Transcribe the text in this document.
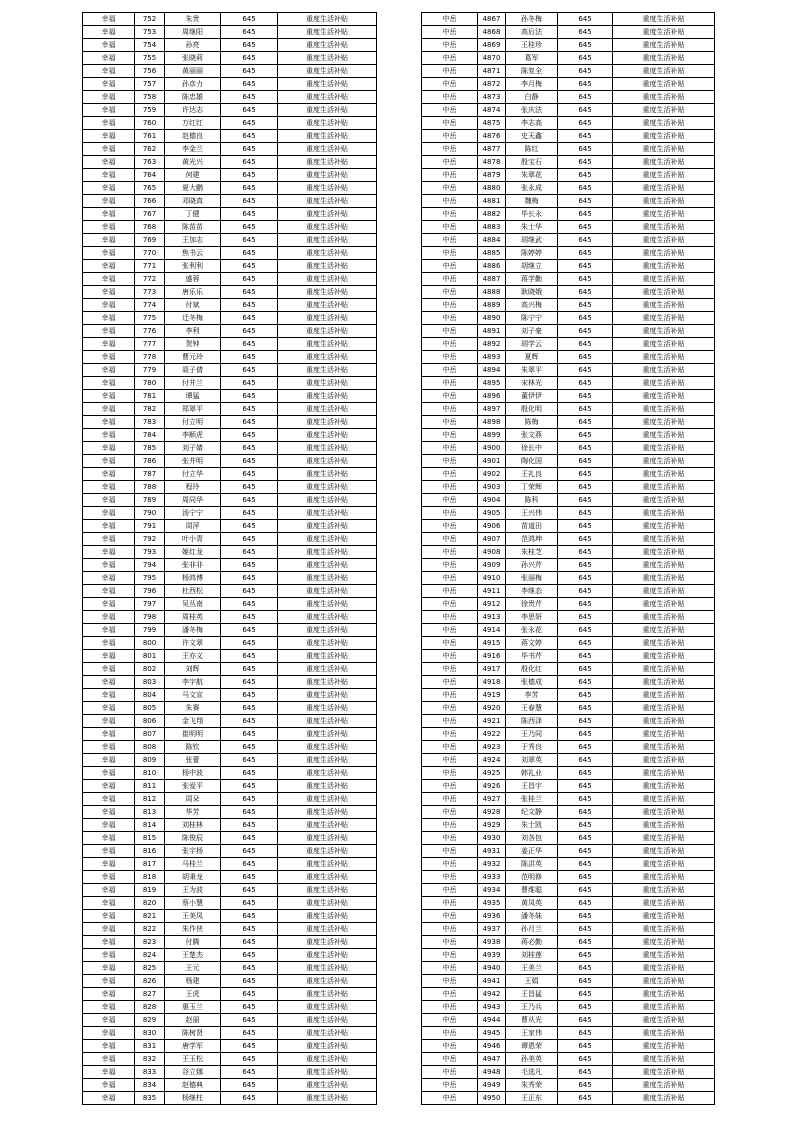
幸福	752	朱贵	645	重度生活补贴
幸福	753	周继阳	645	重度生活补贴
幸福	754	孙亮	645	重度生活补贴
幸福	755	张晓莉	645	重度生活补贴
幸福	756	黄丽丽	645	重度生活补贴
幸福	757	孙彦力	645	重度生活补贴
幸福	758	陈忠雄	645	重度生活补贴
幸福	759	许达志	645	重度生活补贴
幸福	760	万红红	645	重度生活补贴
幸福	761	赵德良	645	重度生活补贴
幸福	762	李金兰	645	重度生活补贴
幸福	763	黄光兴	645	重度生活补贴
幸福	764	何建	645	重度生活补贴
幸福	765	夏大鹏	645	重度生活补贴
幸福	766	邓晓真	645	重度生活补贴
幸福	767	丁健	645	重度生活补贴
幸福	768	陈苗苗	645	重度生活补贴
幸福	769	王加志	645	重度生活补贴
幸福	770	焦书云	645	重度生活补贴
幸福	771	张利利	645	重度生活补贴
幸福	772	盛蓉	645	重度生活补贴
幸福	773	唐乐乐	645	重度生活补贴
幸福	774	付斌	645	重度生活补贴
幸福	775	迁冬梅	645	重度生活补贴
幸福	776	李利	645	重度生活补贴
幸福	777	贺钟	645	重度生活补贴
幸福	778	曹元玲	645	重度生活补贴
幸福	779	聂子倩	645	重度生活补贴
幸福	780	付井兰	645	重度生活补贴
幸福	781	谭猛	645	重度生活补贴
幸福	782	郑翠平	645	重度生活补贴
幸福	783	付立明	645	重度生活补贴
幸福	784	李顺虎	645	重度生活补贴
幸福	785	刘子婧	645	重度生活补贴
幸福	786	张井明	645	重度生活补贴
幸福	787	付立华	645	重度生活补贴
幸福	788	程玲	645	重度生活补贴
幸福	789	周同华	645	重度生活补贴
幸福	790	汤宁宁	645	重度生活补贴
幸福	791	周萍	645	重度生活补贴
幸福	792	叶小青	645	重度生活补贴
幸福	793	姬红龙	645	重度生活补贴
幸福	794	张非非	645	重度生活补贴
幸福	795	杨鸿博	645	重度生活补贴
幸福	796	杜西松	645	重度生活补贴
幸福	797	吴丛南	645	重度生活补贴
幸福	798	周桂英	645	重度生活补贴
幸福	799	潘冬梅	645	重度生活补贴
幸福	800	许文翠	645	重度生活补贴
幸福	801	王亦义	645	重度生活补贴
幸福	802	刘辉	645	重度生活补贴
幸福	803	李宇航	645	重度生活补贴
幸福	804	马文宣	645	重度生活补贴
幸福	805	朱赛	645	重度生活补贴
幸福	806	金飞翔	645	重度生活补贴
幸福	807	崔明明	645	重度生活补贴
幸福	808	陈钦	645	重度生活补贴
幸福	809	张蕾	645	重度生活补贴
幸福	810	杨中波	645	重度生活补贴
幸福	811	张爱平	645	重度生活补贴
幸福	812	周朵	645	重度生活补贴
幸福	813	华芳	645	重度生活补贴
幸福	814	刘桂林	645	重度生活补贴
幸福	815	陈俊辰	645	重度生活补贴
幸福	816	张宇杨	645	重度生活补贴
幸福	817	马桂兰	645	重度生活补贴
幸福	818	胡秉龙	645	重度生活补贴
幸福	819	王为波	645	重度生活补贴
幸福	820	蔡小慧	645	重度生活补贴
幸福	821	王美凤	645	重度生活补贴
幸福	822	朱作侠	645	重度生活补贴
幸福	823	付腾	645	重度生活补贴
幸福	824	王楚杰	645	重度生活补贴
幸福	825	王元	645	重度生活补贴
幸福	826	杨建	645	重度生活补贴
幸福	827	王虎	645	重度生活补贴
幸福	828	惠玉兰	645	重度生活补贴
幸福	829	赵丽	645	重度生活补贴
幸福	830	陈树贤	645	重度生活补贴
幸福	831	唐学军	645	重度生活补贴
幸福	832	王玉松	645	重度生活补贴
幸福	833	谷立娜	645	重度生活补贴
幸福	834	赵德典	645	重度生活补贴
幸福	835	杨继柱	645	重度生活补贴
中岳	4867	孙冬梅	645	重度生活补贴
中岳	4868	高后法	645	重度生活补贴
中岳	4869	王桂珍	645	重度生活补贴
中岳	4870	葛军	645	重度生活补贴
中岳	4871	陈复全	645	重度生活补贴
中岳	4872	李月梅	645	重度生活补贴
中岳	4873	白静	645	重度生活补贴
中岳	4874	张庆法	645	重度生活补贴
中岳	4875	李志高	645	重度生活补贴
中岳	4876	史天鑫	645	重度生活补贴
中岳	4877	陈红	645	重度生活补贴
中岳	4878	殷宝石	645	重度生活补贴
中岳	4879	朱翠花	645	重度生活补贴
中岳	4880	张永成	645	重度生活补贴
中岳	4881	魏梅	645	重度生活补贴
中岳	4882	毕长永	645	重度生活补贴
中岳	4883	朱士华	645	重度生活补贴
中岳	4884	胡继武	645	重度生活补贴
中岳	4885	陈婷婷	645	重度生活补贴
中岳	4886	胡继立	645	重度生活补贴
中岳	4887	蒋学勤	645	重度生活补贴
中岳	4888	耿晓娥	645	重度生活补贴
中岳	4889	高兴梅	645	重度生活补贴
中岳	4890	陈宁宁	645	重度生活补贴
中岳	4891	刘子豪	645	重度生活补贴
中岳	4892	胡学云	645	重度生活补贴
中岳	4893	夏辉	645	重度生活补贴
中岳	4894	朱翠平	645	重度生活补贴
中岳	4895	宋林光	645	重度生活补贴
中岳	4896	董伊伊	645	重度生活补贴
中岳	4897	殷化明	645	重度生活补贴
中岳	4898	陈梅	645	重度生活补贴
中岳	4899	张文燕	645	重度生活补贴
中岳	4900	徐长中	645	重度生活补贴
中岳	4901	陶化国	645	重度生活补贴
中岳	4902	王礼良	645	重度生活补贴
中岳	4903	丁荣辉	645	重度生活补贴
中岳	4904	陈科	645	重度生活补贴
中岳	4905	王兴伟	645	重度生活补贴
中岳	4906	苗道田	645	重度生活补贴
中岳	4907	范鸿坤	645	重度生活补贴
中岳	4908	朱桂芝	645	重度生活补贴
中岳	4909	孙兴芹	645	重度生活补贴
中岳	4910	张丽梅	645	重度生活补贴
中岳	4911	李继态	645	重度生活补贴
中岳	4912	徐贵芹	645	重度生活补贴
中岳	4913	李思妍	645	重度生活补贴
中岳	4914	张永花	645	重度生活补贴
中岳	4915	蒋文婷	645	重度生活补贴
中岳	4916	毕书芹	645	重度生活补贴
中岳	4917	殷化红	645	重度生活补贴
中岳	4918	张德成	645	重度生活补贴
中岳	4919	李芳	645	重度生活补贴
中岳	4920	王春慧	645	重度生活补贴
中岳	4921	陈西泽	645	重度生活补贴
中岳	4922	王乃同	645	重度生活补贴
中岳	4923	于秀良	645	重度生活补贴
中岳	4924	刘翠英	645	重度生活补贴
中岳	4925	韩礼业	645	重度生活补贴
中岳	4926	王昌宇	645	重度生活补贴
中岳	4927	张桂兰	645	重度生活补贴
中岳	4928	纪文静	645	重度生活补贴
中岳	4929	朱士凯	645	重度生活补贴
中岳	4930	刘各包	645	重度生活补贴
中岳	4931	姜正华	645	重度生活补贴
中岳	4932	陈洪英	645	重度生活补贴
中岳	4933	范明修	645	重度生活补贴
中岳	4934	曹维聪	645	重度生活补贴
中岳	4935	黄凤英	645	重度生活补贴
中岳	4936	潘冬妹	645	重度生活补贴
中岳	4937	孙月兰	645	重度生活补贴
中岳	4938	蒋必勤	645	重度生活补贴
中岳	4939	刘桂莲	645	重度生活补贴
中岳	4940	王美兰	645	重度生活补贴
中岳	4941	王娟	645	重度生活补贴
中岳	4942	王昌猛	645	重度生活补贴
中岳	4943	王乃兵	645	重度生活补贴
中岳	4944	曹从光	645	重度生活补贴
中岳	4945	王家伟	645	重度生活补贴
中岳	4946	谭恩荣	645	重度生活补贴
中岳	4947	孙美英	645	重度生活补贴
中岳	4948	毛选凡	645	重度生活补贴
中岳	4949	朱秀荣	645	重度生活补贴
中岳	4950	王正东	645	重度生活补贴
